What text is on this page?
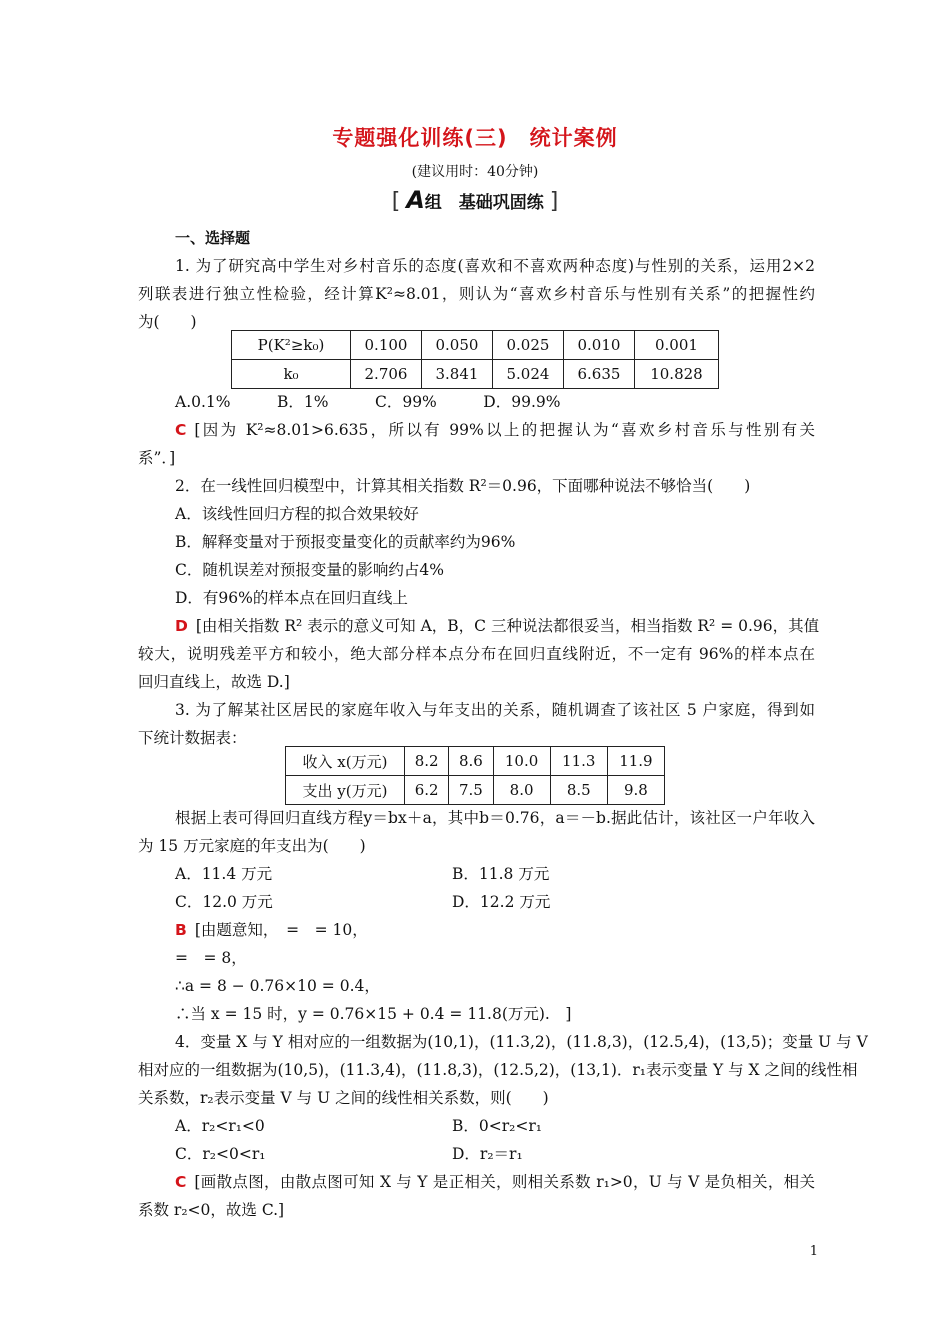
专题强化训练(三)　统计案例
(建议用时：40分钟)
[ A组　基础巩固练 ]
一、选择题
1. 为了研究高中学生对乡村音乐的态度(喜欢和不喜欢两种态度)与性别的关系，运用2×2
列联表进行独立性检验，经计算K²≈8.01，则认为“喜欢乡村音乐与性别有关系”的把握性约
为(　　)
P(K²≥k₀)	0.100	0.050	0.025	0.010	0.001
k₀	2.706	3.841	5.024	6.635	10.828
A.0.1%　　　B．1%　　　C．99%　　　D．99.9%
C [因为 K²≈8.01>6.635，所以有 99%以上的把握认为“喜欢乡村音乐与性别有关
系”．]
2．在一线性回归模型中，计算其相关指数 R²＝0.96，下面哪种说法不够恰当(　　)
A．该线性回归方程的拟合效果较好
B．解释变量对于预报变量变化的贡献率约为96%
C．随机误差对预报变量的影响约占4%
D．有96%的样本点在回归直线上
D [由相关指数 R² 表示的意义可知 A，B，C 三种说法都很妥当，相当指数 R² = 0.96，其值
较大，说明残差平方和较小，绝大部分样本点分布在回归直线附近，不一定有 96%的样本点在
回归直线上，故选 D.]
3. 为了解某社区居民的家庭年收入与年支出的关系，随机调查了该社区 5 户家庭，得到如
下统计数据表：
收入 x(万元)	8.2	8.6	10.0	11.3	11.9
支出 y(万元)	6.2	7.5	8.0	8.5	9.8
根据上表可得回归直线方程y＝bx＋a，其中b＝0.76，a＝－b.据此估计，该社区一户年收入
为 15 万元家庭的年支出为(　　)
A．11.4 万元	B．11.8 万元
C．12.0 万元	D．12.2 万元
B [由题意知，　=　= 10，
=　= 8，
∴a = 8 − 0.76×10 = 0.4，
∴当 x = 15 时，y = 0.76×15 + 0.4 = 11.8(万元).　]
4．变量 X 与 Y 相对应的一组数据为(10,1)，(11.3,2)，(11.8,3)，(12.5,4)，(13,5)；变量 U 与 V
相对应的一组数据为(10,5)，(11.3,4)，(11.8,3)，(12.5,2)，(13,1)．r₁表示变量 Y 与 X 之间的线性相
关系数，r₂表示变量 V 与 U 之间的线性相关系数，则(　　)
A．r₂<r₁<0	B．0<r₂<r₁
C．r₂<0<r₁	D．r₂＝r₁
C [画散点图，由散点图可知 X 与 Y 是正相关，则相关系数 r₁>0，U 与 V 是负相关，相关
系数 r₂<0，故选 C.]
1
